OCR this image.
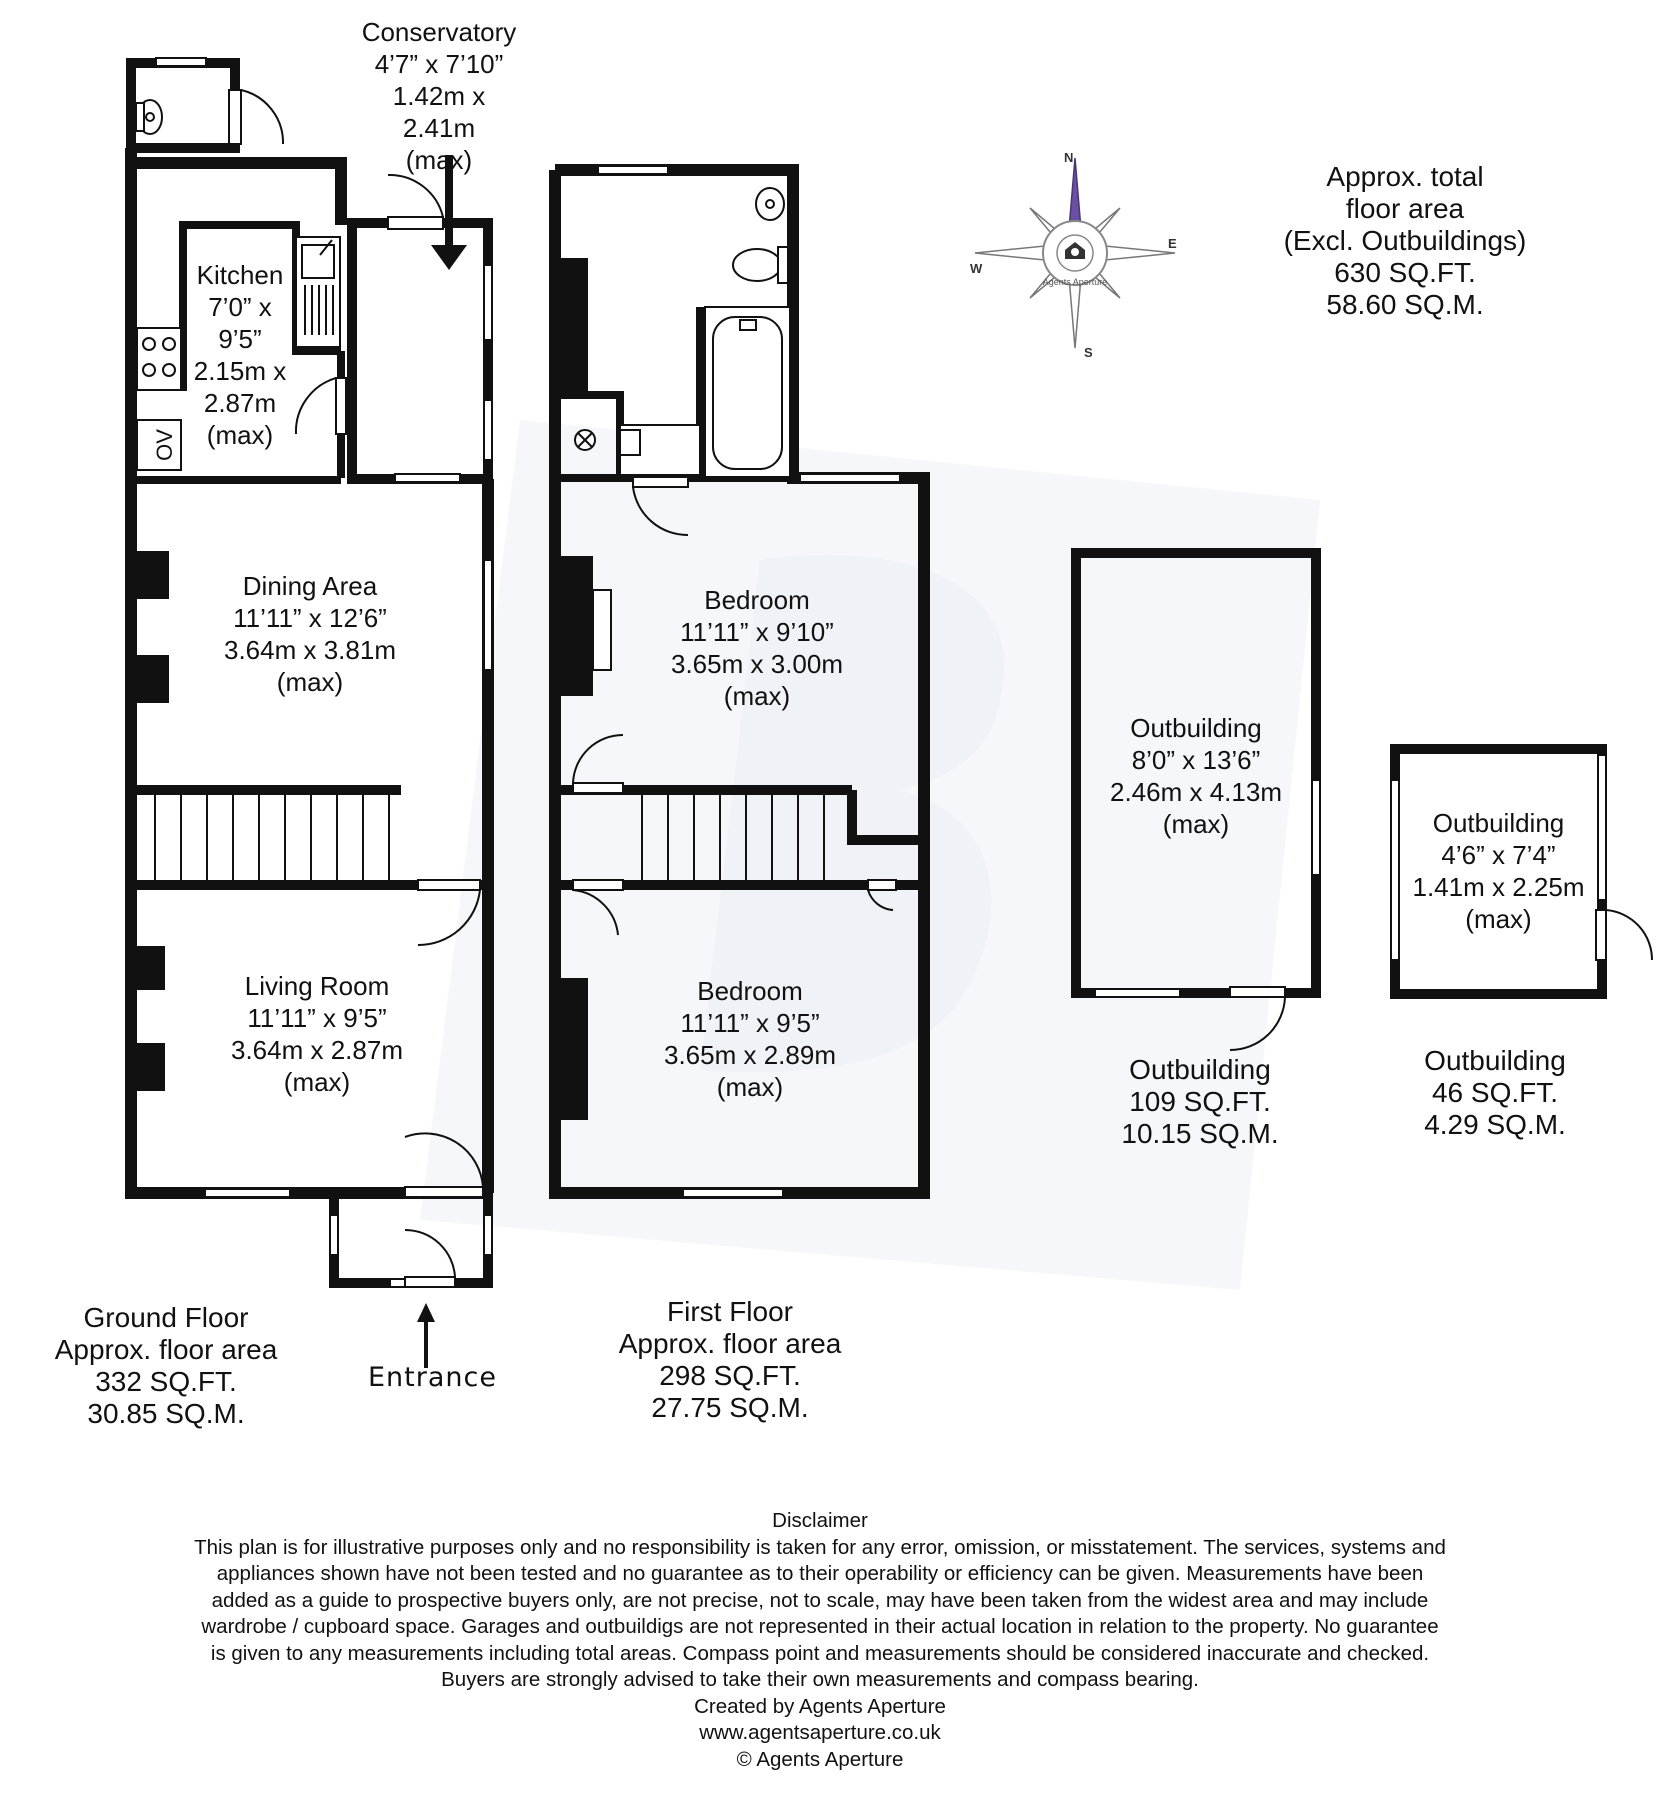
OV
N
E
S
W
Agents Aperture
Conservatory
4’7” x 7’10”
1.42m x
2.41m
(max)
Kitchen
7’0” x
9’5”
2.15m x
2.87m
(max)
Dining Area
11’11” x 12’6”
3.64m x 3.81m
(max)
Living Room
11’11” x 9’5”
3.64m x 2.87m
(max)
Bedroom
11’11” x 9’10”
3.65m x 3.00m
(max)
Bedroom
11’11” x 9’5”
3.65m x 2.89m
(max)
Outbuilding
8’0” x 13’6”
2.46m x 4.13m
(max)	Outbuilding
4’6” x 7’4”
1.41m x 2.25m
(max)
Approx. total
floor area
(Excl. Outbuildings)
630 SQ.FT.
58.60 SQ.M.
Ground Floor
Approx. floor area
332 SQ.FT.
30.85 SQ.M.
First Floor
Approx. floor area
298 SQ.FT.
27.75 SQ.M.
Outbuilding
109 SQ.FT.
10.15 SQ.M.
Outbuilding
46 SQ.FT.
4.29 SQ.M.
Entrance
Disclaimer
This plan is for illustrative purposes only and no responsibility is taken for any error, omission, or misstatement. The services, systems and
appliances shown have not been tested and no guarantee as to their operability or efficiency can be given. Measurements have been
added as a guide to prospective buyers only, are not precise, not to scale, may have been taken from the widest area and may include
wardrobe / cupboard space. Garages and outbuildigs are not represented in their actual location in relation to the property. No guarantee
is given to any measurements including total areas. Compass point and measurements should be considered inaccurate and checked.
Buyers are strongly advised to take their own measurements and compass bearing.
Created by Agents Aperture
www.agentsaperture.co.uk
© Agents Aperture
